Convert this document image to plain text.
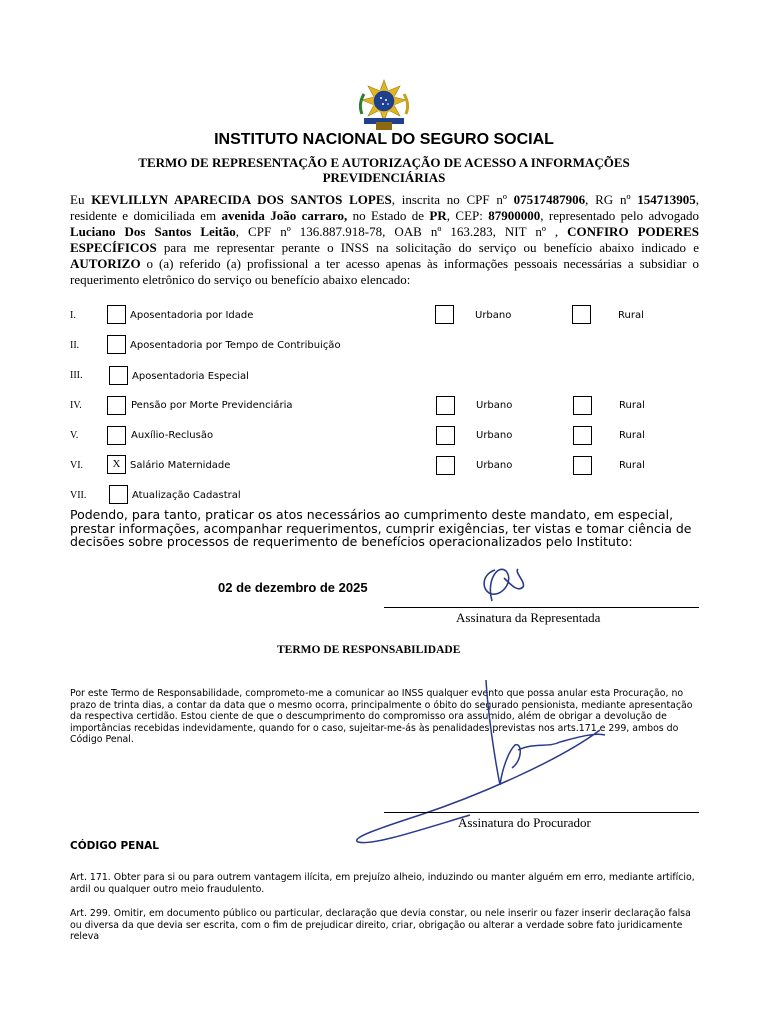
INSTITUTO NACIONAL DO SEGURO SOCIAL
TERMO DE REPRESENTAÇÃO E AUTORIZAÇÃO DE ACESSO A INFORMAÇÕES PREVIDENCIÁRIAS
Eu KEVLILLYN APARECIDA DOS SANTOS LOPES, inscrita no CPF nº 07517487906, RG nº 154713905, residente e domiciliada em avenida João carraro, no Estado de PR, CEP: 87900000, representado pelo advogado Luciano Dos Santos Leitão, CPF nº 136.887.918-78, OAB nº 163.283, NIT nº , CONFIRO PODERES ESPECÍFICOS para me representar perante o INSS na solicitação do serviço ou benefício abaixo indicado e AUTORIZO o (a) referido (a) profissional a ter acesso apenas às informações pessoais necessárias a subsidiar o requerimento eletrônico do serviço ou benefício abaixo elencado:
I.	Aposentadoria por Idade	Urbano	Rural
II.	Aposentadoria por Tempo de Contribuição
III.	Aposentadoria Especial
IV.	Pensão por Morte Previdenciária	Urbano	Rural
V.	Auxílio-Reclusão	Urbano	Rural
VI.	X Salário Maternidade	Urbano	Rural
VII.	Atualização Cadastral
Podendo, para tanto, praticar os atos necessários ao cumprimento deste mandato, em especial, prestar informações, acompanhar requerimentos, cumprir exigências, ter vistas e tomar ciência de decisões sobre processos de requerimento de benefícios operacionalizados pelo Instituto:
02 de dezembro de 2025
Assinatura da Representada
TERMO DE RESPONSABILIDADE
Por este Termo de Responsabilidade, comprometo-me a comunicar ao INSS qualquer evento que possa anular esta Procuração, no prazo de trinta dias, a contar da data que o mesmo ocorra, principalmente o óbito do segurado pensionista, mediante apresentação da respectiva certidão. Estou ciente de que o descumprimento do compromisso ora assumido, além de obrigar a devolução de importâncias recebidas indevidamente, quando for o caso, sujeitar-me-ás às penalidades previstas nos arts.171 e 299, ambos do Código Penal.
Assinatura do Procurador
CÓDIGO PENAL
Art. 171. Obter para si ou para outrem vantagem ilícita, em prejuízo alheio, induzindo ou manter alguém em erro, mediante artifício, ardil ou qualquer outro meio fraudulento.
Art. 299. Omitir, em documento público ou particular, declaração que devia constar, ou nele inserir ou fazer inserir declaração falsa ou diversa da que devia ser escrita, com o fim de prejudicar direito, criar, obrigação ou alterar a verdade sobre fato juridicamente releva
